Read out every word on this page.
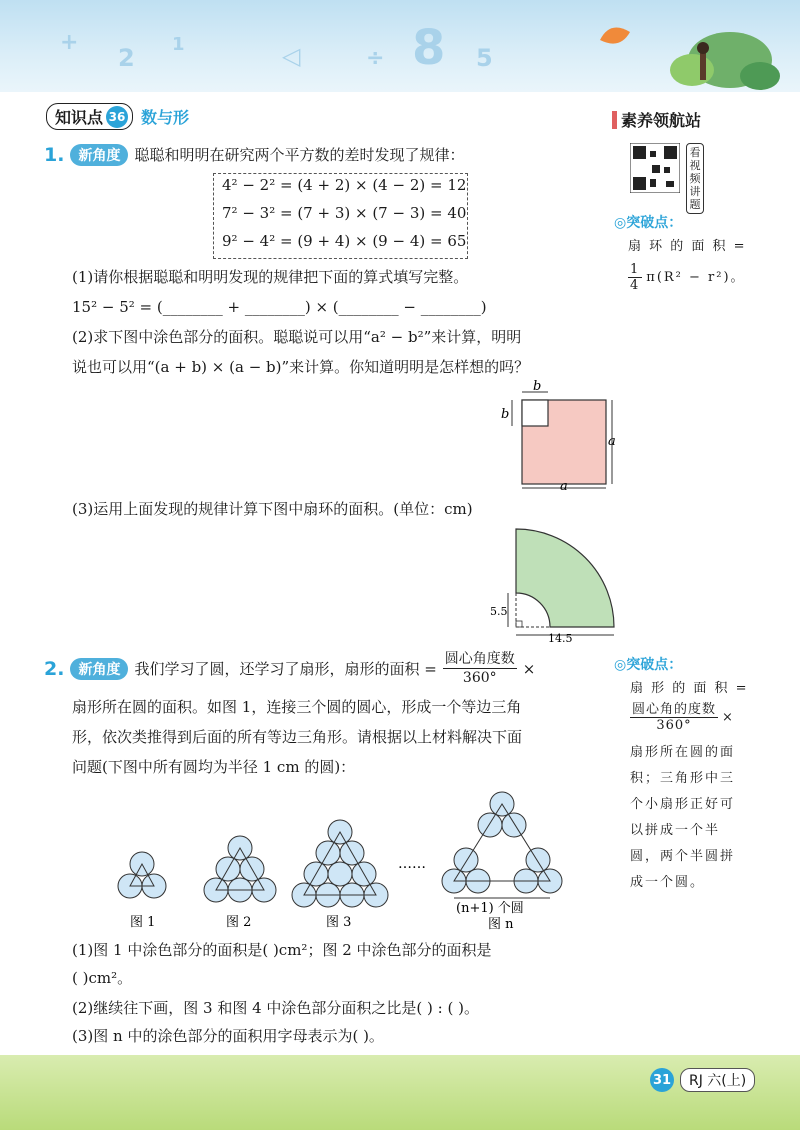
+
2 1	◁	÷ 8 5
知识点 36 数与形
1.	新角度 聪聪和明明在研究两个平方数的差时发现了规律：
4² − 2² = (4 + 2) × (4 − 2) = 12
7² − 3² = (7 + 3) × (7 − 3) = 40
9² − 4² = (9 + 4) × (9 − 4) = 65
(1)请你根据聪聪和明明发现的规律把下面的算式填写完整。
15² − 5² = (________ + ________) × (________ − ________)
(2)求下图中涂色部分的面积。聪聪说可以用“a² − b²”来计算，明明
说也可以用“(a + b) × (a − b)”来计算。你知道明明是怎样想的吗？
b
b
a
a
(3)运用上面发现的规律计算下图中扇环的面积。(单位：cm)
5.5
14.5
2.	新角度 我们学习了圆，还学习了扇形，扇形的面积 = $\frac{\text{圆心角度数}}{360^\circ}$ ×
扇形所在圆的面积。如图 1，连接三个圆的圆心，形成一个等边三角
形，依次类推得到后面的所有等边三角形。请根据以上材料解决下面
问题(下图中所有圆均为半径 1 cm 的圆)：
……
(n+1) 个圆
图 1	图 2	图 3	图 n
(1)图 1 中涂色部分的面积是( )cm²；图 2 中涂色部分的面积是
( )cm²。
(2)继续往下画，图 3 和图 4 中涂色部分面积之比是( ) : ( )。
(3)图 n 中的涂色部分的面积用字母表示为( )。
素养领航站
看视频讲题
◎突破点：
扇 环 的 面 积 =
$\frac{1}{4} \pi(R^2 - r^2)$。
◎突破点：
扇 形 的 面 积 =
$\frac{\text{圆心角的度数}}{360^\circ}$ ×
扇形所在圆的面
积；三角形中三
个小扇形正好可
以拼成一个半
圆，两个半圆拼
成一个圆。
31	RJ 六(上)
